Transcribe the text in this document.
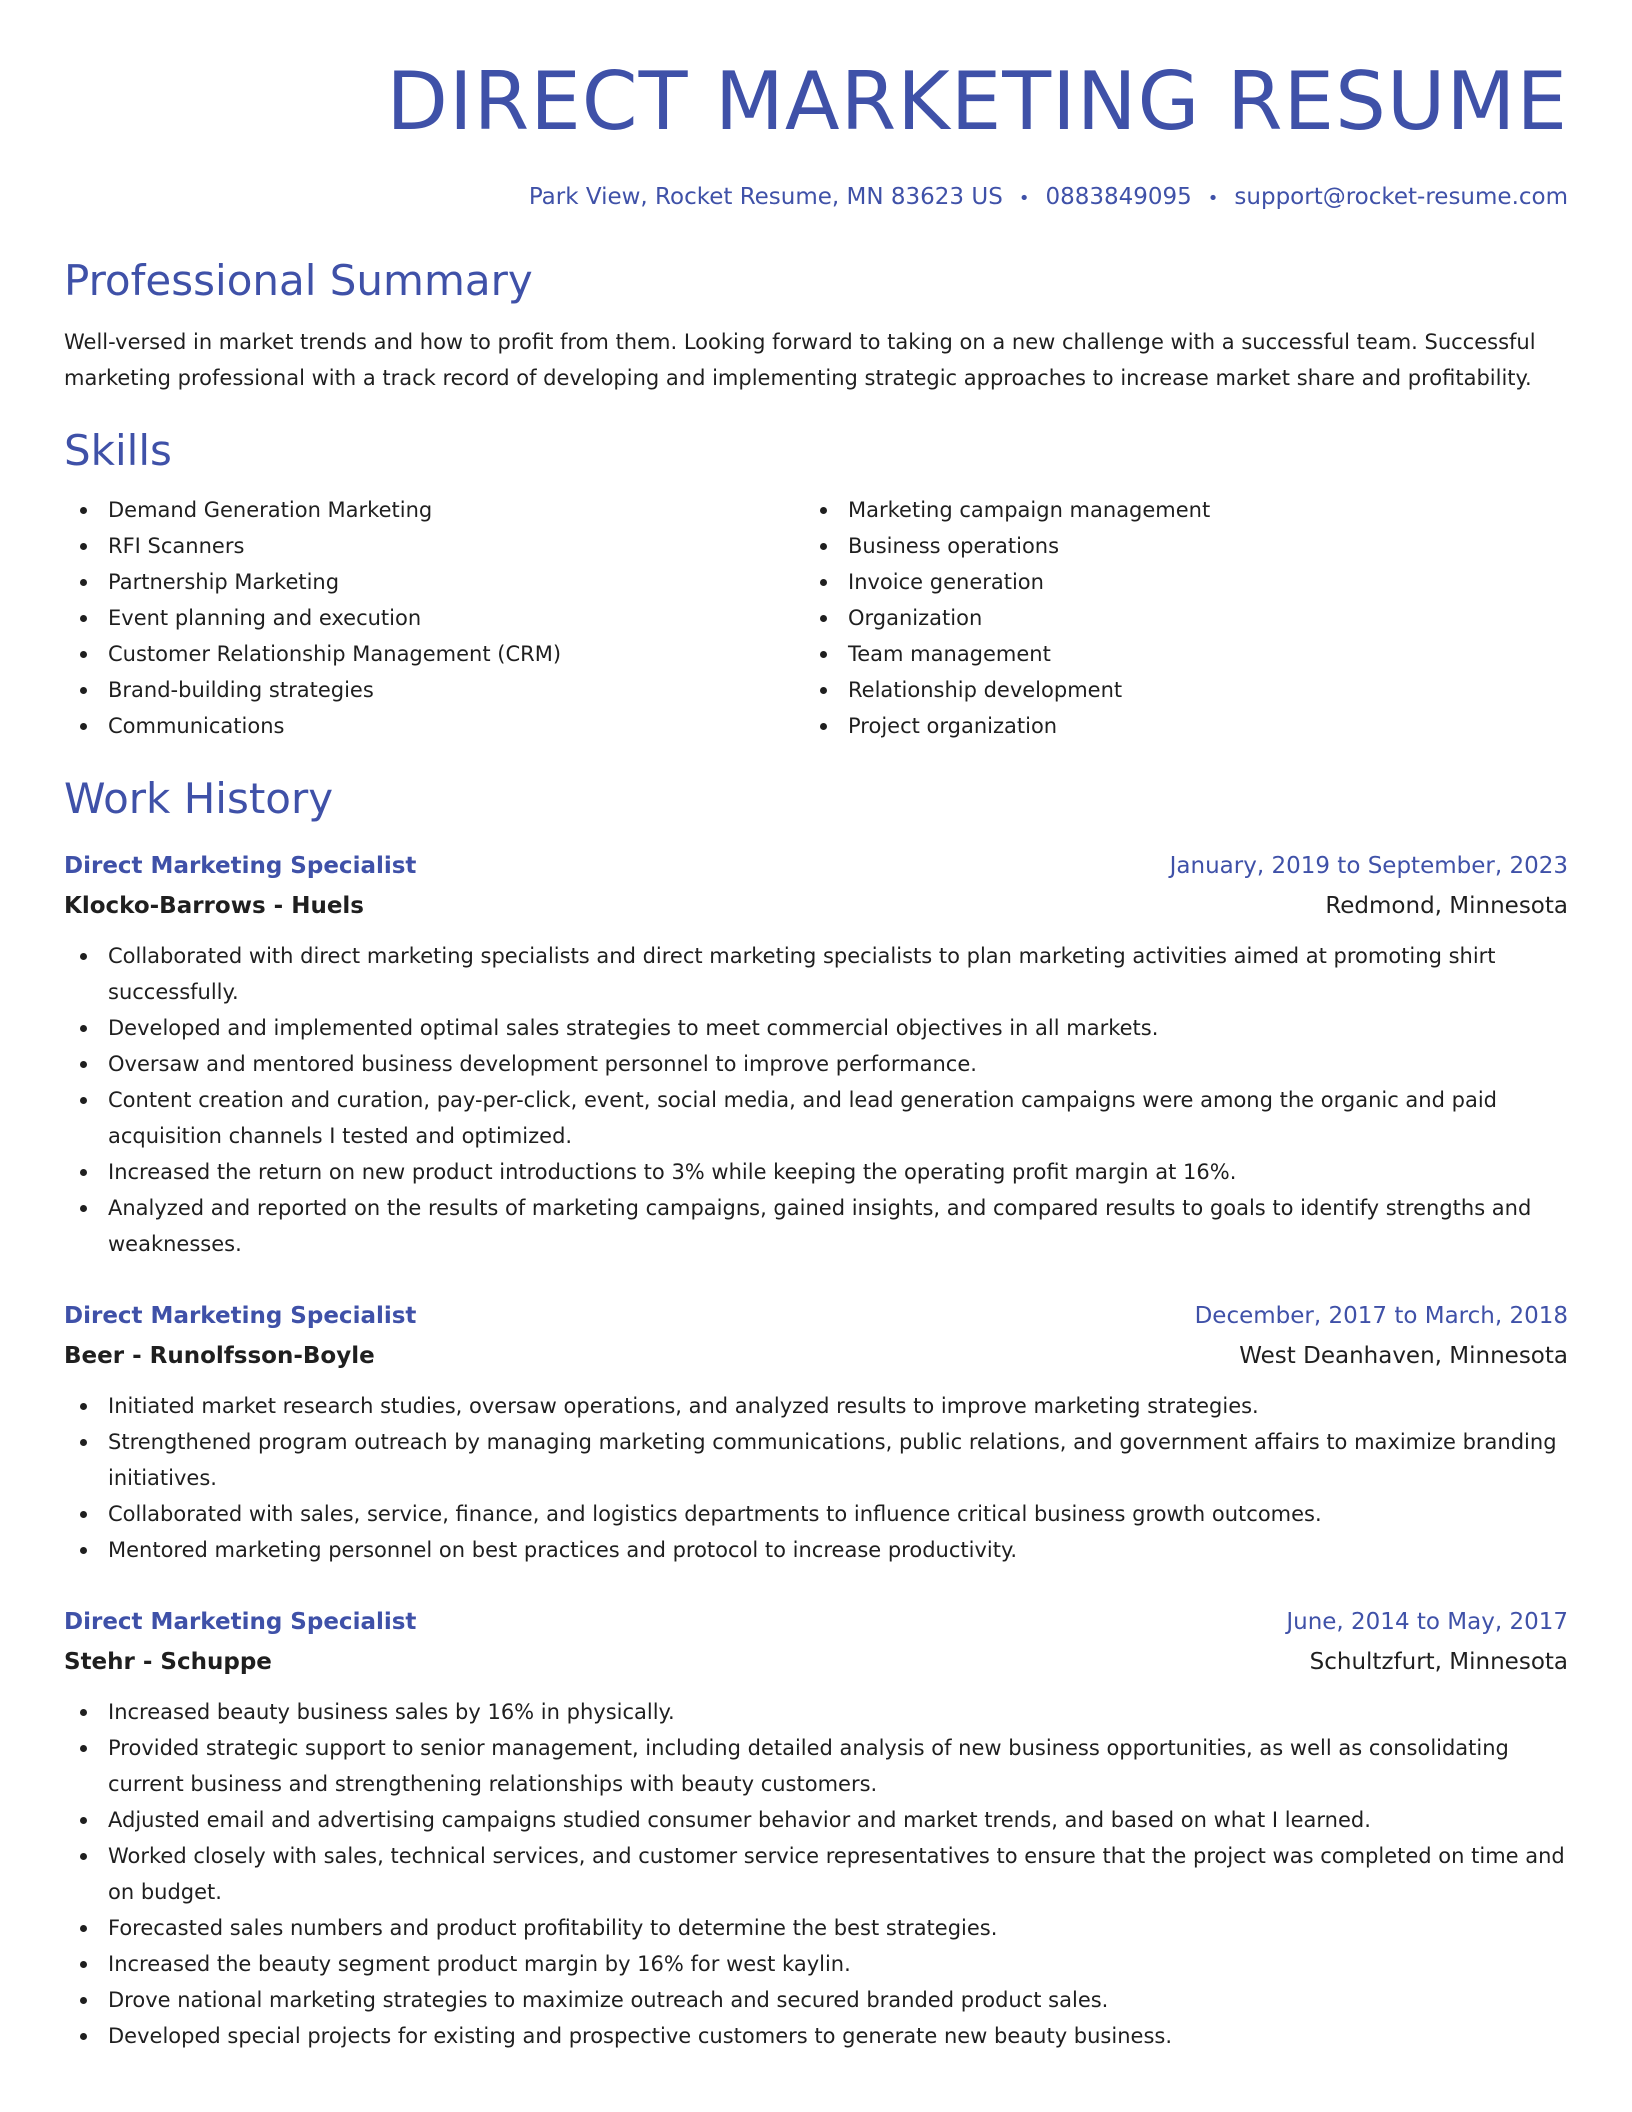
DIRECT MARKETING RESUME
Park View, Rocket Resume, MN 83623 US • 0883849095 • support@rocket-resume.com
Professional Summary
Well-versed in market trends and how to profit from them. Looking forward to taking on a new challenge with a successful team. Successful marketing professional with a track record of developing and implementing strategic approaches to increase market share and profitability.
Skills
Demand Generation Marketing
RFI Scanners
Partnership Marketing
Event planning and execution
Customer Relationship Management (CRM)
Brand-building strategies
Communications
Marketing campaign management
Business operations
Invoice generation
Organization
Team management
Relationship development
Project organization
Work History
Direct Marketing Specialist	January, 2019 to September, 2023
Klocko-Barrows - Huels	Redmond, Minnesota
Collaborated with direct marketing specialists and direct marketing specialists to plan marketing activities aimed at promoting shirt successfully.
Developed and implemented optimal sales strategies to meet commercial objectives in all markets.
Oversaw and mentored business development personnel to improve performance.
Content creation and curation, pay-per-click, event, social media, and lead generation campaigns were among the organic and paid acquisition channels I tested and optimized.
Increased the return on new product introductions to 3% while keeping the operating profit margin at 16%.
Analyzed and reported on the results of marketing campaigns, gained insights, and compared results to goals to identify strengths and weaknesses.
Direct Marketing Specialist	December, 2017 to March, 2018
Beer - Runolfsson-Boyle	West Deanhaven, Minnesota
Initiated market research studies, oversaw operations, and analyzed results to improve marketing strategies.
Strengthened program outreach by managing marketing communications, public relations, and government affairs to maximize branding initiatives.
Collaborated with sales, service, finance, and logistics departments to influence critical business growth outcomes.
Mentored marketing personnel on best practices and protocol to increase productivity.
Direct Marketing Specialist	June, 2014 to May, 2017
Stehr - Schuppe	Schultzfurt, Minnesota
Increased beauty business sales by 16% in physically.
Provided strategic support to senior management, including detailed analysis of new business opportunities, as well as consolidating current business and strengthening relationships with beauty customers.
Adjusted email and advertising campaigns studied consumer behavior and market trends, and based on what I learned.
Worked closely with sales, technical services, and customer service representatives to ensure that the project was completed on time and on budget.
Forecasted sales numbers and product profitability to determine the best strategies.
Increased the beauty segment product margin by 16% for west kaylin.
Drove national marketing strategies to maximize outreach and secured branded product sales.
Developed special projects for existing and prospective customers to generate new beauty business.
